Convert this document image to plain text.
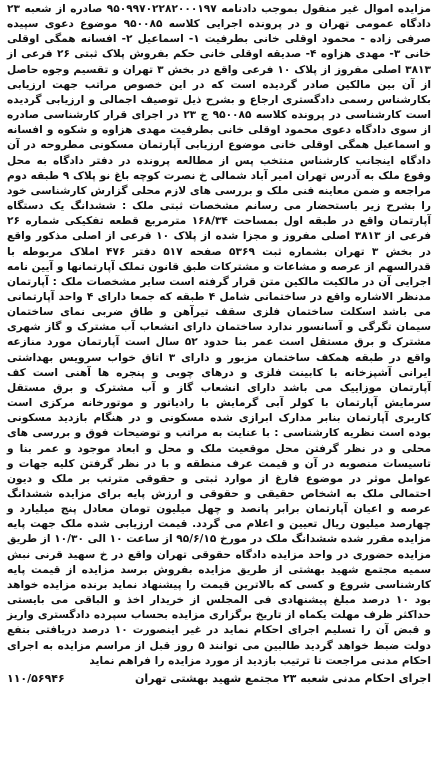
مزایده اموال غیر منقول بموجب دادنامه ۹۵۰۹۹۷۰۲۲۸۲۰۰۰۱۹۷ صادره از شعبه ۲۳ دادگاه عمومی تهران و در پرونده اجرایی کلاسه ۹۵۰۰۸۵ موضوع دعوی سپیده صرفی زاده - محمود اوقلی خانی بطرفیت ۱- اسماعیل ۲- افسانه همگی اوقلی خانی ۳- مهدی هزاوه ۴- صدیقه اوقلی خانی حکم بفروش پلاک ثبتی ۲۶ فرعی از ۳۸۱۳ اصلی مفروز از پلاک ۱۰ فرعی واقع در بخش ۳ تهران و تقسیم وجوه حاصل از آن بین مالکین صادر گردیده است که در این خصوص مراتب جهت ارزیابی بکارشناس رسمی دادگستری ارجاع و بشرح ذیل توصیف اجمالی و ارزیابی گردیده است کارشناسی در پرونده کلاسه ۹۵۰۰۸۵ ج ۲۳ در اجرای قرار کارشناسی صادره از سوی دادگاه دعوی محمود اوقلی خانی بطرفیت مهدی هزاوه و شکوه و افسانه و اسماعیل همگی اوقلی خانی موضوع ارزیابی آپارتمان مسکونی مطروحه در آن دادگاه اینجانب کارشناس منتخب پس از مطالعه پرونده در دفتر دادگاه به محل وقوع ملک به آدرس تهران امیر آباد شمالی خ نصرت کوچه باغ نو پلاک ۹ طبقه دوم مراجعه و ضمن معاینه فنی ملک و بررسی های لازم محلی گزارش کارشناسی خود را بشرح زیر باستحضار می رسانم مشخصات ثبتی ملک : ششدانگ یک دستگاه آپارتمان واقع در طبقه اول بمساحت ۱۶۸/۳۴ مترمربع قطعه تفکیکی شماره ۲۶ فرعی از ۳۸۱۳ اصلی مفروز و مجزا شده از پلاک ۱۰ فرعی از اصلی مذکور واقع در بخش ۳ تهران بشماره ثبت ۵۳۶۹ صفحه ۵۱۷ دفتر ۴۷۶ املاک مربوطه با قدرالسهم از عرصه و مشاعات و مشترکات طبق قانون تملک آپارتمانها و آیین نامه اجرایی آن در مالکیت مالکین متن قرار گرفته است سایر مشخصات ملک : آپارتمان مدنظر الاشاره واقع در ساختمانی شامل ۴ طبقه که جمعا دارای ۴ واحد آپارتمانی می باشد اسکلت ساختمان فلزی سقف تیرآهن و طاق ضربی نمای ساختمان سیمان تگرگی و آسانسور ندارد ساختمان دارای انشعاب آب مشترک و گاز شهری مشترک و برق مستقل است عمر بنا حدود ۵۲ سال است آپارتمان مورد منازعه واقع در طبقه همکف ساختمان مزبور و دارای ۳ اتاق خواب سرویس بهداشتی ایرانی آشپزخانه با کابینت فلزی و درهای چوبی و پنجره ها آهنی است کف آپارتمان موزاییک می باشد دارای انشعاب گاز و آب مشترک و برق مستقل سرمایش آپارتمان با کولر آبی گرمایش با رادیاتور و موتورخانه مرکزی است کاربری آپارتمان بنابر مدارک ابرازی شده مسکونی و در هنگام بازدید مسکونی بوده است نظریه کارشناسی : با عنایت به مراتب و توضیحات فوق و بررسی های محلی و در نظر گرفتن محل موقعیت ملک و محل و ابعاد موجود و عمر بنا و تاسیسات منصوبه در آن و قیمت عرف منطقه و با در نظر گرفتن کلیه جهات و عوامل موثر در موضوع فارغ از موارد ثبتی و حقوقی مترتب بر ملک و دیون احتمالی ملک به اشخاص حقیقی و حقوقی و ارزش پایه برای مزایده ششدانگ عرصه و اعیان آپارتمان برابر پانصد و چهل میلیون تومان معادل پنج میلیارد و چهارصد میلیون ریال تعیین و اعلام می گردد. قیمت ارزیابی شده ملک جهت پایه مزایده مقرر شده ششدانگ ملک در مورخ ۹۵/۶/۱۵ از ساعت ۱۰ الی ۱۰/۳۰ از طریق مزایده حضوری در واحد مزایده دادگاه حقوقی تهران واقع در خ سهید قرنی نبش سمیه مجتمع شهید بهشتی از طریق مزایده بفروش برسد مزایده از قیمت پایه کارشناسی شروع و کسی که بالاترین قیمت را پیشنهاد نماید برنده مزایده خواهد بود ۱۰ درصد مبلغ پیشنهادی فی المجلس از خریدار اخذ و الباقی می بایستی حداکثر ظرف مهلت یکماه از تاریخ برگزاری مزایده بحساب سپرده دادگستری واریز و قبض آن را تسلیم اجرای احکام نماید در غیر اینصورت ۱۰ درصد دریافتی بنفع دولت ضبط خواهد گردید طالبین می توانند ۵ روز قبل از مراسم مزایده به اجرای احکام مدنی مراجعت تا ترتیب بازدید از مورد مزایده را فراهم نماید

اجرای احکام مدنی شعبه ۲۳ مجتمع شهید بهشتی تهران
۱۱۰/۵۶۹۴۶
